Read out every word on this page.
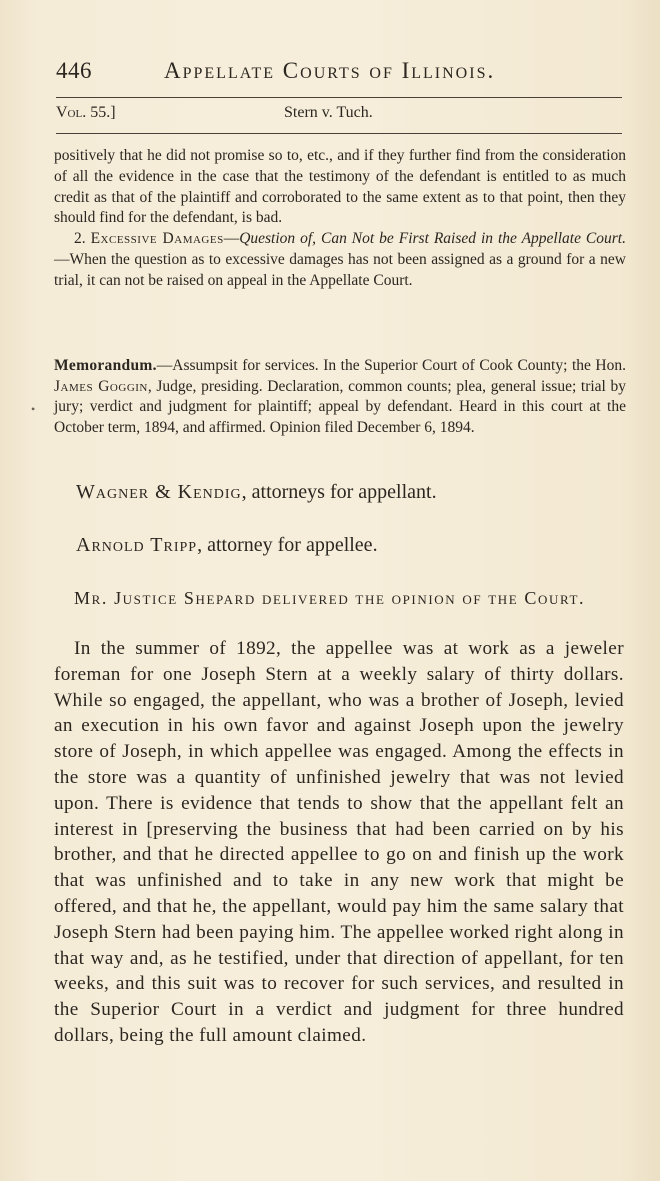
446	Appellate Courts of Illinois.
Vol. 55.]	Stern v. Tuch.

positively that he did not promise so to, etc., and if they further find from the consideration of all the evidence in the case that the testimony of the defendant is entitled to as much credit as that of the plaintiff and corroborated to the same extent as to that point, then they should find for the defendant, is bad.

2. Excessive Damages—Question of, Can Not be First Raised in the Appellate Court.—When the question as to excessive damages has not been assigned as a ground for a new trial, it can not be raised on appeal in the Appellate Court.

•

Memorandum.—Assumpsit for services. In the Superior Court of Cook County; the Hon. James Goggin, Judge, presiding. Declaration, common counts; plea, general issue; trial by jury; verdict and judgment for plaintiff; appeal by defendant. Heard in this court at the October term, 1894, and affirmed. Opinion filed December 6, 1894.

Wagner & Kendig, attorneys for appellant.
Arnold Tripp, attorney for appellee.
Mr. Justice Shepard delivered the opinion of the Court.

In the summer of 1892, the appellee was at work as a jeweler foreman for one Joseph Stern at a weekly salary of thirty dollars. While so engaged, the appellant, who was a brother of Joseph, levied an execution in his own favor and against Joseph upon the jewelry store of Joseph, in which appellee was engaged. Among the effects in the store was a quantity of unfinished jewelry that was not levied upon. There is evidence that tends to show that the appellant felt an interest in [preserving the business that had been carried on by his brother, and that he directed appellee to go on and finish up the work that was unfinished and to take in any new work that might be offered, and that he, the appellant, would pay him the same salary that Joseph Stern had been paying him. The appellee worked right along in that way and, as he testified, under that direction of appellant, for ten weeks, and this suit was to recover for such services, and resulted in the Superior Court in a verdict and judgment for three hundred dollars, being the full amount claimed.
